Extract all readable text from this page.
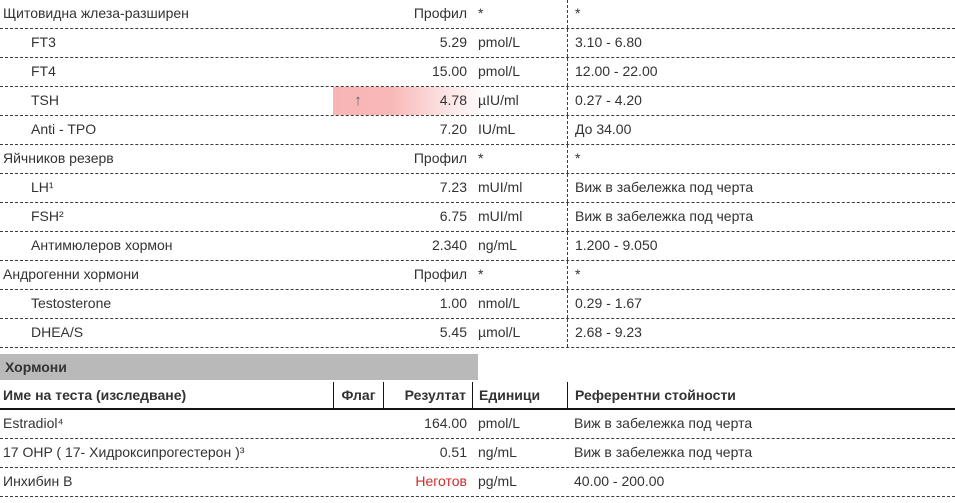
Щитовидна жлеза-разширен	Профил *	*
FT3	5.29 pmol/L	3.10 - 6.80
FT4	15.00 pmol/L	12.00 - 22.00
TSH	↑	4.78 µIU/ml	0.27 - 4.20
Anti - TPO	7.20 IU/mL	До 34.00
Яйчников резерв	Профил *	*
LH¹	7.23 mUI/ml	Виж в забележка под черта
FSH²	6.75 mUI/ml	Виж в забележка под черта
Антимюлеров хормон	2.340 ng/mL	1.200 - 9.050
Андрогенни хормони	Профил *	*
Testosterone	1.00 nmol/L	0.29 - 1.67
DHEA/S	5.45 µmol/L	2.68 - 9.23
Хормони
Име на теста (изследване)	Флаг	Резултат Единици	Референтни стойности
Estradiol⁴	164.00 pmol/L	Виж в забележка под черта
17 OHP ( 17- Хидроксипрогестерон )³	0.51 ng/mL	Виж в забележка под черта
Инхибин B	Неготов pg/mL	40.00 - 200.00
